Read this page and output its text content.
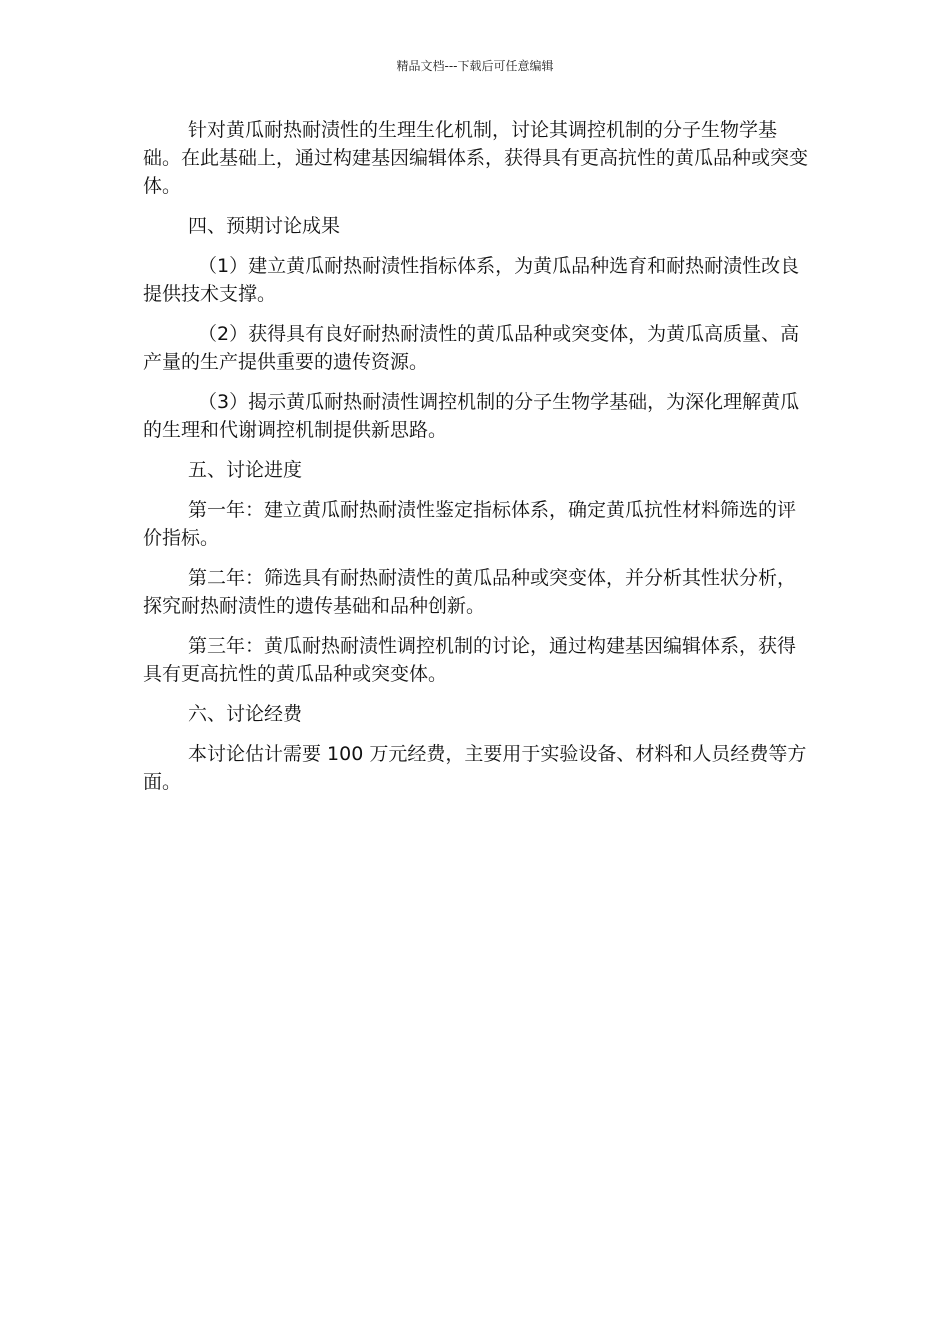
精品文档---下载后可任意编辑

针对黄瓜耐热耐渍性的生理生化机制，讨论其调控机制的分子生物学基础。在此基础上，通过构建基因编辑体系，获得具有更高抗性的黄瓜品种或突变体。

四、预期讨论成果

（1）建立黄瓜耐热耐渍性指标体系，为黄瓜品种选育和耐热耐渍性改良提供技术支撑。

（2）获得具有良好耐热耐渍性的黄瓜品种或突变体，为黄瓜高质量、高产量的生产提供重要的遗传资源。

（3）揭示黄瓜耐热耐渍性调控机制的分子生物学基础，为深化理解黄瓜的生理和代谢调控机制提供新思路。

五、讨论进度

第一年：建立黄瓜耐热耐渍性鉴定指标体系，确定黄瓜抗性材料筛选的评价指标。

第二年：筛选具有耐热耐渍性的黄瓜品种或突变体，并分析其性状分析，探究耐热耐渍性的遗传基础和品种创新。

第三年：黄瓜耐热耐渍性调控机制的讨论，通过构建基因编辑体系，获得具有更高抗性的黄瓜品种或突变体。

六、讨论经费

本讨论估计需要 100 万元经费，主要用于实验设备、材料和人员经费等方面。
